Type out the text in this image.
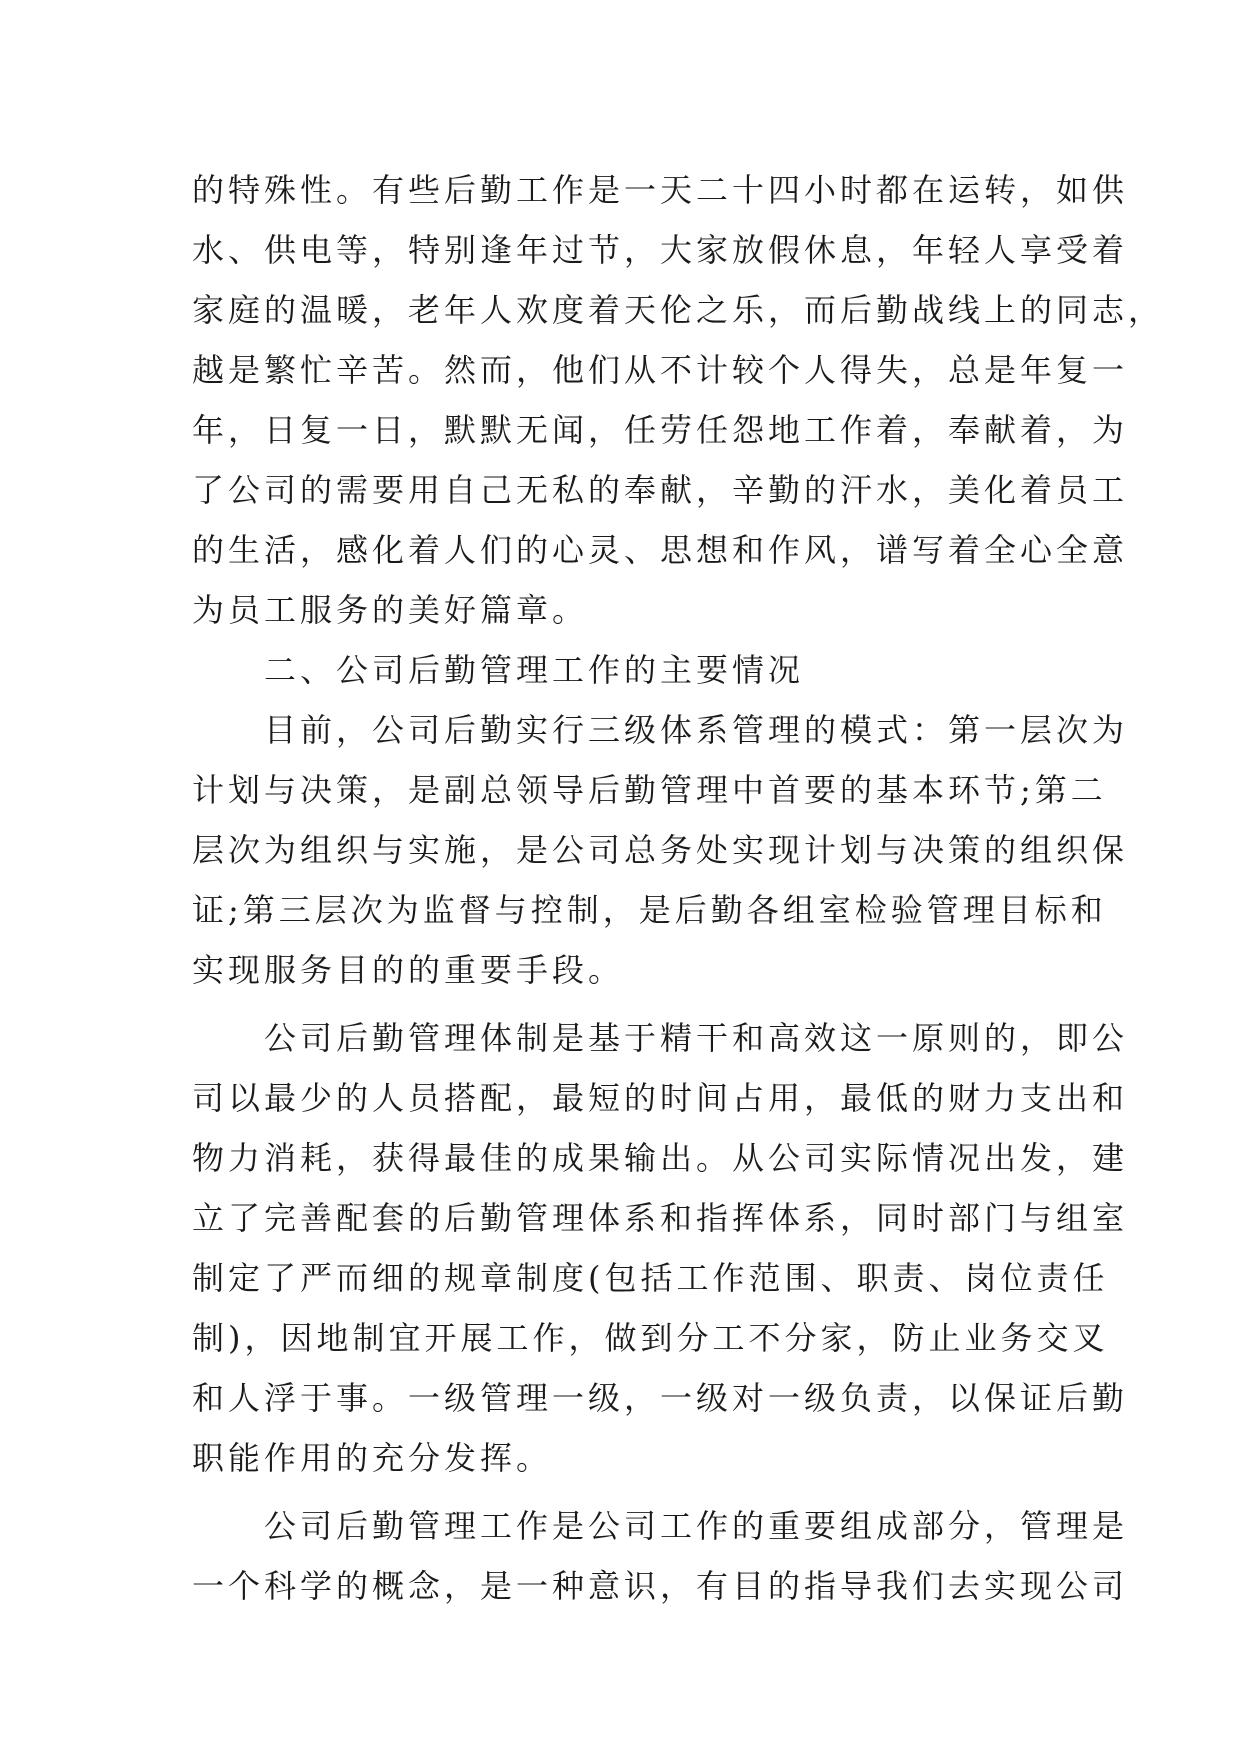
的特殊性。有些后勤工作是一天二十四小时都在运转，如供
水、供电等，特别逢年过节，大家放假休息，年轻人享受着
家庭的温暖，老年人欢度着天伦之乐，而后勤战线上的同志，
越是繁忙辛苦。然而，他们从不计较个人得失，总是年复一
年，日复一日，默默无闻，任劳任怨地工作着，奉献着，为
了公司的需要用自己无私的奉献，辛勤的汗水，美化着员工
的生活，感化着人们的心灵、思想和作风，谱写着全心全意
为员工服务的美好篇章。
　　二、公司后勤管理工作的主要情况
　　目前，公司后勤实行三级体系管理的模式：第一层次为
计划与决策，是副总领导后勤管理中首要的基本环节;第二
层次为组织与实施，是公司总务处实现计划与决策的组织保
证;第三层次为监督与控制，是后勤各组室检验管理目标和
实现服务目的的重要手段。
　　公司后勤管理体制是基于精干和高效这一原则的，即公
司以最少的人员搭配，最短的时间占用，最低的财力支出和
物力消耗，获得最佳的成果输出。从公司实际情况出发，建
立了完善配套的后勤管理体系和指挥体系，同时部门与组室
制定了严而细的规章制度(包括工作范围、职责、岗位责任
制)，因地制宜开展工作，做到分工不分家，防止业务交叉
和人浮于事。一级管理一级，一级对一级负责，以保证后勤
职能作用的充分发挥。
　　公司后勤管理工作是公司工作的重要组成部分，管理是
一个科学的概念，是一种意识，有目的指导我们去实现公司
